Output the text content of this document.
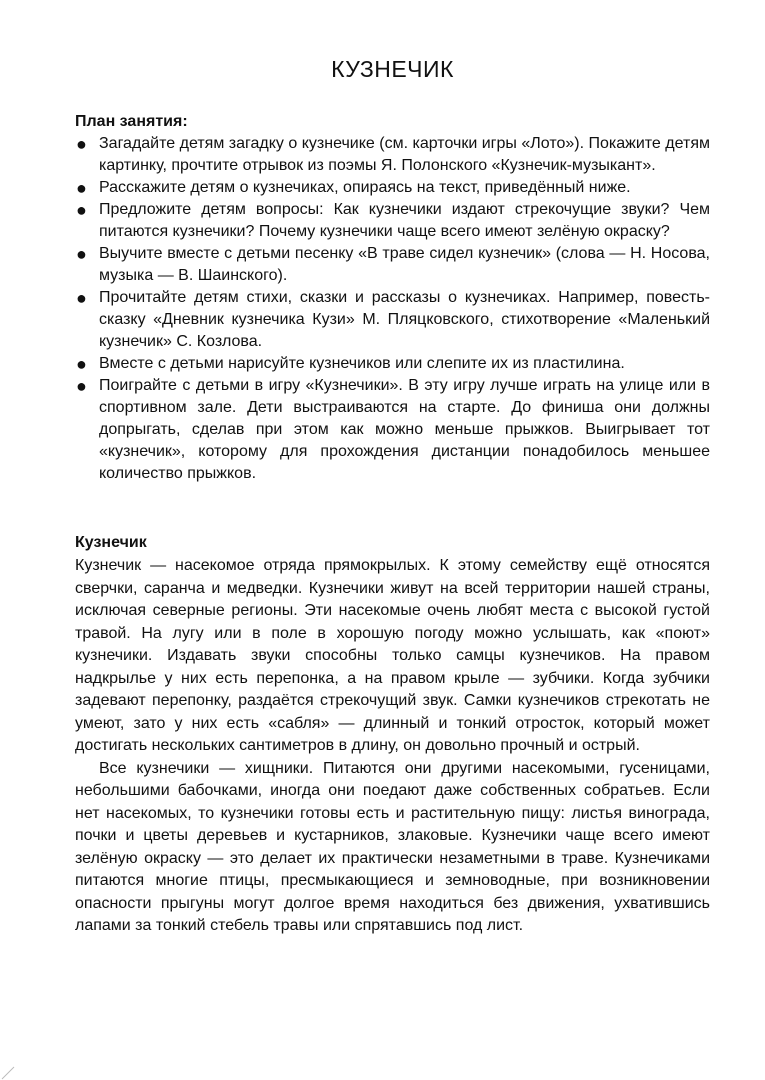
КУЗНЕЧИК
План занятия:
● Загадайте детям загадку о кузнечике (см. карточки игры «Лото»). Покажите детям картинку, прочтите отрывок из поэмы Я. Полонского «Кузнечик-музыкант».
● Расскажите детям о кузнечиках, опираясь на текст, приведённый ниже.
● Предложите детям вопросы: Как кузнечики издают стрекочущие звуки? Чем питаются кузнечики? Почему кузнечики чаще всего имеют зелёную окраску?
● Выучите вместе с детьми песенку «В траве сидел кузнечик» (слова — Н. Носова, музыка — В. Шаинского).
● Прочитайте детям стихи, сказки и рассказы о кузнечиках. Например, повесть-сказку «Дневник кузнечика Кузи» М. Пляцковского, стихотворение «Маленький кузнечик» С. Козлова.
● Вместе с детьми нарисуйте кузнечиков или слепите их из пластилина.
● Поиграйте с детьми в игру «Кузнечики». В эту игру лучше играть на улице или в спортивном зале. Дети выстраиваются на старте. До финиша они должны допрыгать, сделав при этом как можно меньше прыжков. Выигрывает тот «кузнечик», которому для прохождения дистанции понадобилось меньшее количество прыжков.
Кузнечик

Кузнечик — насекомое отряда прямокрылых. К этому семейству ещё относятся сверчки, саранча и медведки. Кузнечики живут на всей территории нашей страны, исключая северные регионы. Эти насекомые очень любят места с высокой густой травой. На лугу или в поле в хорошую погоду можно услышать, как «поют» кузнечики. Издавать звуки способны только самцы кузнечиков. На правом надкрылье у них есть перепонка, а на правом крыле — зубчики. Когда зубчики задевают перепонку, раздаётся стрекочущий звук. Самки кузнечиков стрекотать не умеют, зато у них есть «сабля» — длинный и тонкий отросток, который может достигать нескольких сантиметров в длину, он довольно прочный и острый.

Все кузнечики — хищники. Питаются они другими насекомыми, гусеницами, небольшими бабочками, иногда они поедают даже собственных собратьев. Если нет насекомых, то кузнечики готовы есть и растительную пищу: листья винограда, почки и цветы деревьев и кустарников, злаковые. Кузнечики чаще всего имеют зелёную окраску — это делает их практически незаметными в траве. Кузнечиками питаются многие птицы, пресмыкающиеся и земноводные, при возникновении опасности прыгуны могут долгое время находиться без движения, ухватившись лапами за тонкий стебель травы или спрятавшись под лист.
